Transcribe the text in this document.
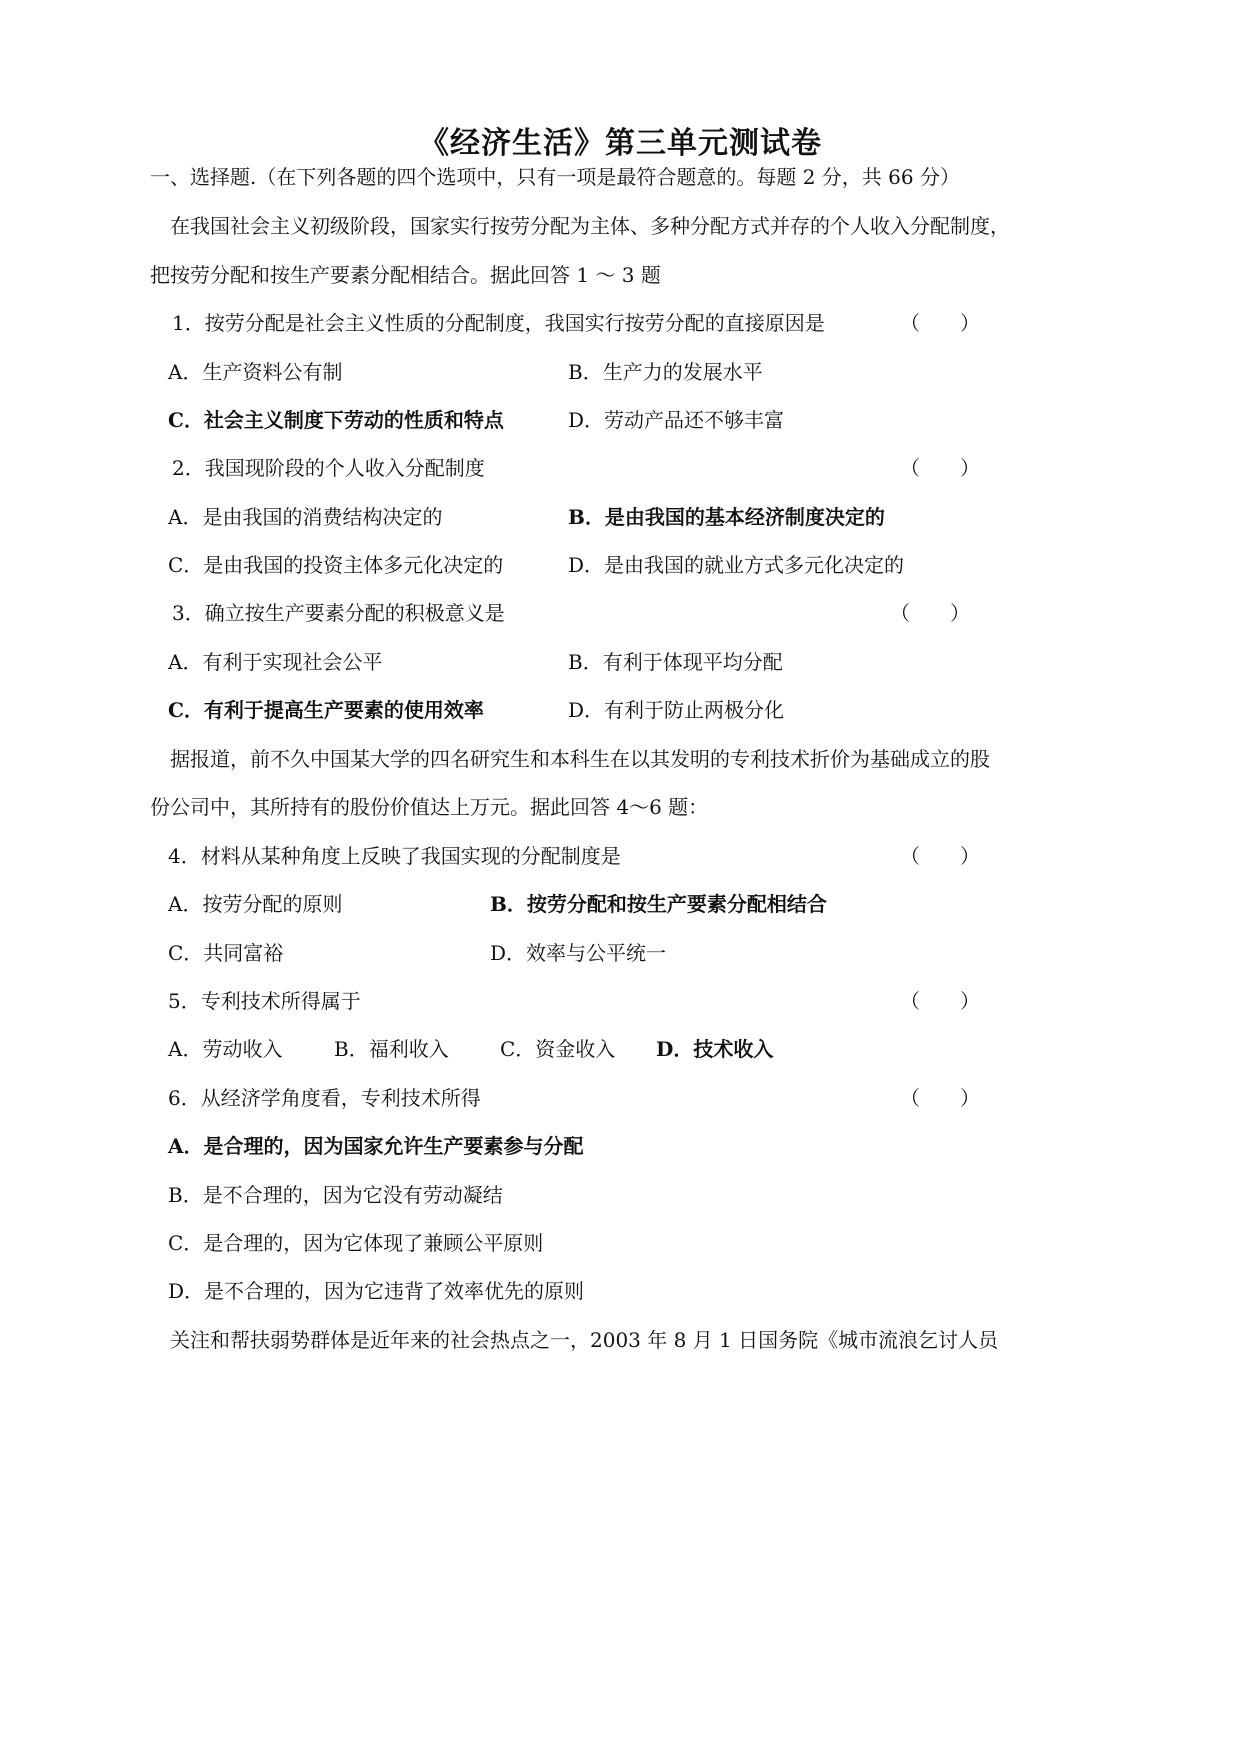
《经济生活》第三单元测试卷
一、选择题.（在下列各题的四个选项中，只有一项是最符合题意的。每题 2 分，共 66 分）
在我国社会主义初级阶段，国家实行按劳分配为主体、多种分配方式并存的个人收入分配制度，
把按劳分配和按生产要素分配相结合。据此回答 1 ～ 3 题
1．按劳分配是社会主义性质的分配制度，我国实行按劳分配的直接原因是	（　　）
A．生产资料公有制	B．生产力的发展水平
C．社会主义制度下劳动的性质和特点	D．劳动产品还不够丰富
2．我国现阶段的个人收入分配制度	（　　）
A．是由我国的消费结构决定的	B．是由我国的基本经济制度决定的
C．是由我国的投资主体多元化决定的	D．是由我国的就业方式多元化决定的
3．确立按生产要素分配的积极意义是	（　　）
A．有利于实现社会公平	B．有利于体现平均分配
C．有利于提高生产要素的使用效率	D．有利于防止两极分化
据报道，前不久中国某大学的四名研究生和本科生在以其发明的专利技术折价为基础成立的股
份公司中，其所持有的股份价值达上万元。据此回答 4～6 题：
4．材料从某种角度上反映了我国实现的分配制度是	（　　）
A．按劳分配的原则	B．按劳分配和按生产要素分配相结合
C．共同富裕	D．效率与公平统一
5．专利技术所得属于	（　　）
A．劳动收入	B．福利收入	C．资金收入 D．技术收入
6．从经济学角度看，专利技术所得	（　　）
A．是合理的，因为国家允许生产要素参与分配
B．是不合理的，因为它没有劳动凝结
C．是合理的，因为它体现了兼顾公平原则
D．是不合理的，因为它违背了效率优先的原则
关注和帮扶弱势群体是近年来的社会热点之一，2003 年 8 月 1 日国务院《城市流浪乞讨人员
